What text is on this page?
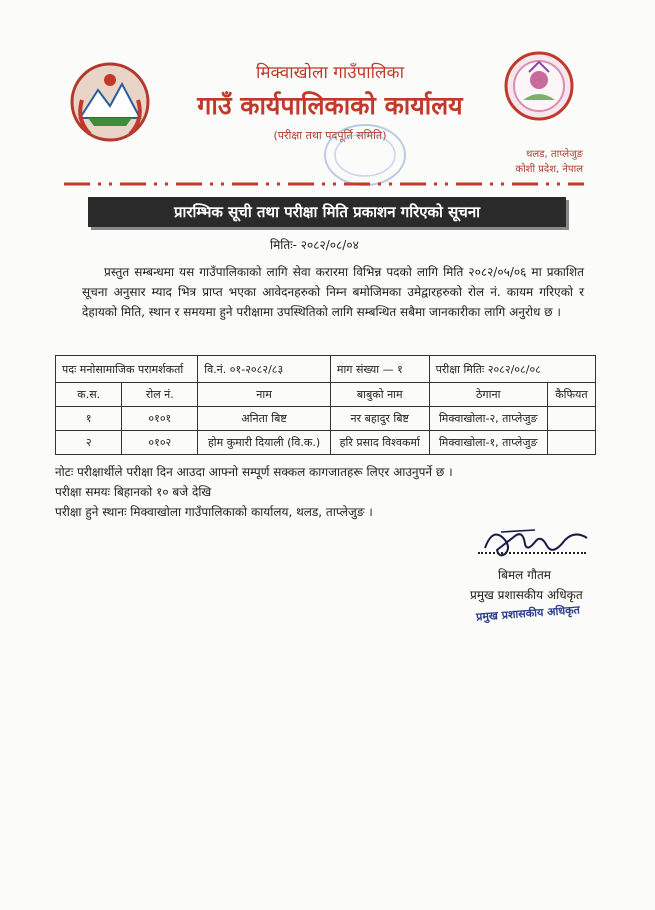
मिक्वाखोला गाउँपालिका
गाउँ कार्यपालिकाको कार्यालय
(परीक्षा तथा पदपूर्ति समिति)
थलड, ताप्लेजुङ
कोशी प्रदेश, नेपाल
प्रारम्भिक सूची तथा परीक्षा मिति प्रकाशन गरिएको सूचना
मितिः- २०८२/०८/०४
प्रस्तुत सम्बन्धमा यस गाउँपालिकाको लागि सेवा करारमा विभिन्न पदको लागि मिति २०८२/०५/०६ मा प्रकाशित सूचना अनुसार म्याद भित्र प्राप्त भएका आवेदनहरुको निम्न बमोजिमका उमेद्वारहरुको रोल नं. कायम गरिएको र देहायको मिति, स्थान र समयमा हुने परीक्षामा उपस्थितिको लागि सम्बन्धित सबैमा जानकारीका लागि अनुरोध छ ।
पदः मनोसामाजिक परामर्शकर्ता		वि.नं. ०१-२०८२/८३	माग संख्या — १	परीक्षा मितिः २०८२/०८/०८	
क.स.	रोल नं.	नाम	बाबुको नाम	ठेगाना	कैफियत
१	०१०१	अनिता बिष्ट	नर बहादुर बिष्ट	मिक्वाखोला-२, ताप्लेजुङ	
२	०१०२	होम कुमारी दियाली (वि.क.)	हरि प्रसाद विश्वकर्मा	मिक्वाखोला-१, ताप्लेजुङ	
नोटः परीक्षार्थीले परीक्षा दिन आउदा आफ्नो सम्पूर्ण सक्कल कागजातहरू लिएर आउनुपर्ने छ ।
परीक्षा समयः बिहानको १० बजे देखि
परीक्षा हुने स्थानः मिक्वाखोला गाउँपालिकाको कार्यालय, थलड, ताप्लेजुङ ।
बिमल गौतम
प्रमुख प्रशासकीय अधिकृत
प्रमुख प्रशासकीय अधिकृत
